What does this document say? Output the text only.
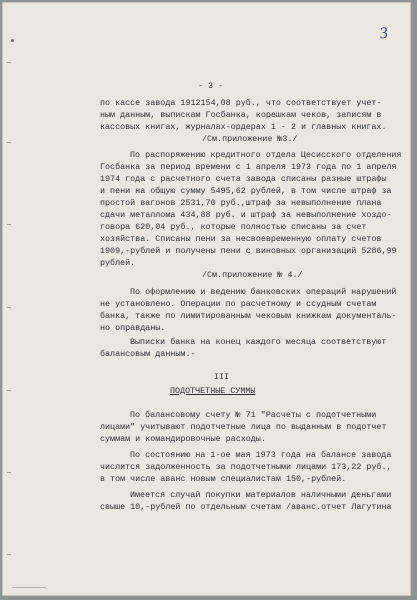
3
- 3 -
по кассе завода 1912154,08 руб., что соответствует учет-
ным данным, выпискам Госбанка, корешкам чеков, записям в
кассовых книгах, журналах-ордерах 1 - 2 и главных книгах.
/См.приложение №3./
По распоряжению кредитного отдела Цесисского отделения
Госбанка за период времени с 1 апреля 1973 года по 1 апреля
1974 года с расчетного счета завода списаны разные штрафы
и пени на общую сумму 5495,62 рублей, в том числе штраф за
простой вагонов 2531,70 руб.,штраф за невыполнение плана
сдачи металлома 434,88 руб. и штраф за невыполнение хоздо-
говора 620,04 руб., которые полностью списаны за счет
хозяйства. Списаны пени за несвоевременную оплату счетов
1909,-рублей и получены пени с виновных организаций 5286,99
рублей.
/См.приложение № 4./
По оформлению и ведению банковских операций нарушений
не установлено. Операции по расчетному и ссудным счетам
банка, также по лимитированным чековым книжкам документаль-
но оправданы.
Выписки банка на конец каждого месяца соответствуют
балансовым данным.-
III
ПОДОТЧЕТНЫЕ СУММЫ
По балансовому счету № 71 "Расчеты с подотчетными
лицами" учитывают подотчетные лица по выданным в подотчет
суммам и командировочные расходы.
По состоянию на 1-ое мая 1973 года на балансе завода
числится задолженность за подотчетными лицами 173,22 руб.,
в том числе аванс новым специалистам 150,-рублей.
Имеется случай покупки материалов наличными деньгами
свыше 10,-рублей по отдельным счетам /аванс.отчет Лагутина
